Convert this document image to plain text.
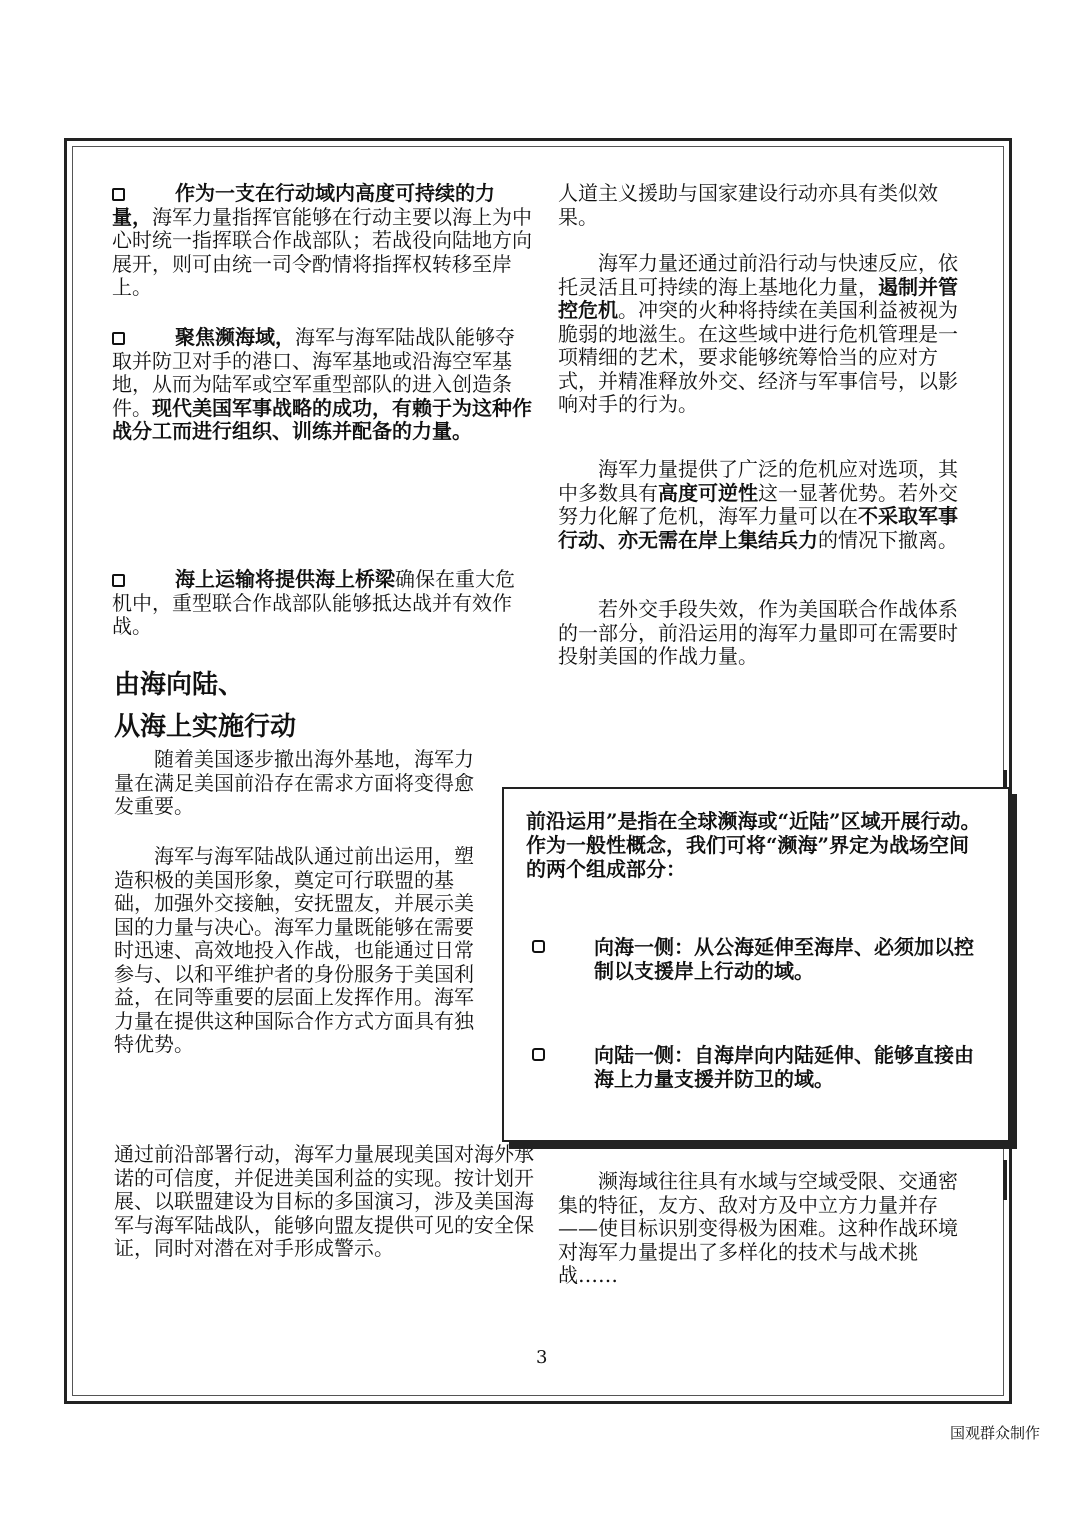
作为一支在行动域内高度可持续的力量，海军力量指挥官能够在行动主要以海上为中心时统一指挥联合作战部队；若战役向陆地方向展开，则可由统一司令酌情将指挥权转移至岸上。

聚焦濒海域，海军与海军陆战队能够夺取并防卫对手的港口、海军基地或沿海空军基地，从而为陆军或空军重型部队的进入创造条件。现代美国军事战略的成功，有赖于为这种作战分工而进行组织、训练并配备的力量。

海上运输将提供海上桥梁确保在重大危机中，重型联合作战部队能够抵达战并有效作战。

由海向陆、
从海上实施行动
随着美国逐步撤出海外基地，海军力量在满足美国前沿存在需求方面将变得愈发重要。
海军与海军陆战队通过前出运用，塑造积极的美国形象，奠定可行联盟的基础，加强外交接触，安抚盟友，并展示美国的力量与决心。海军力量既能够在需要时迅速、高效地投入作战，也能通过日常参与、以和平维护者的身份服务于美国利益，在同等重要的层面上发挥作用。海军力量在提供这种国际合作方式方面具有独特优势。
通过前沿部署行动，海军力量展现美国对海外承诺的可信度，并促进美国利益的实现。按计划开展、以联盟建设为目标的多国演习，涉及美国海军与海军陆战队，能够向盟友提供可见的安全保证，同时对潜在对手形成警示。
人道主义援助与国家建设行动亦具有类似效果。

海军力量还通过前沿行动与快速反应，依托灵活且可持续的海上基地化力量，遏制并管控危机。冲突的火种将持续在美国利益被视为脆弱的地滋生。在这些域中进行危机管理是一项精细的艺术，要求能够统筹恰当的应对方式，并精准释放外交、经济与军事信号，以影响对手的行为。

海军力量提供了广泛的危机应对选项，其中多数具有高度可逆性这一显著优势。若外交努力化解了危机，海军力量可以在不采取军事行动、亦无需在岸上集结兵力的情况下撤离。

若外交手段失效，作为美国联合作战体系的一部分，前沿运用的海军力量即可在需要时投射美国的作战力量。
前沿运用”是指在全球濒海或“近陆”区域开展行动。作为一般性概念，我们可将“濒海”界定为战场空间的两个组成部分：
向海一侧：从公海延伸至海岸、必须加以控制以支援岸上行动的域。
向陆一侧：自海岸向内陆延伸、能够直接由海上力量支援并防卫的域。
濒海域往往具有水域与空域受限、交通密集的特征，友方、敌对方及中立方力量并存——使目标识别变得极为困难。这种作战环境对海军力量提出了多样化的技术与战术挑战……
3
国观群众制作
